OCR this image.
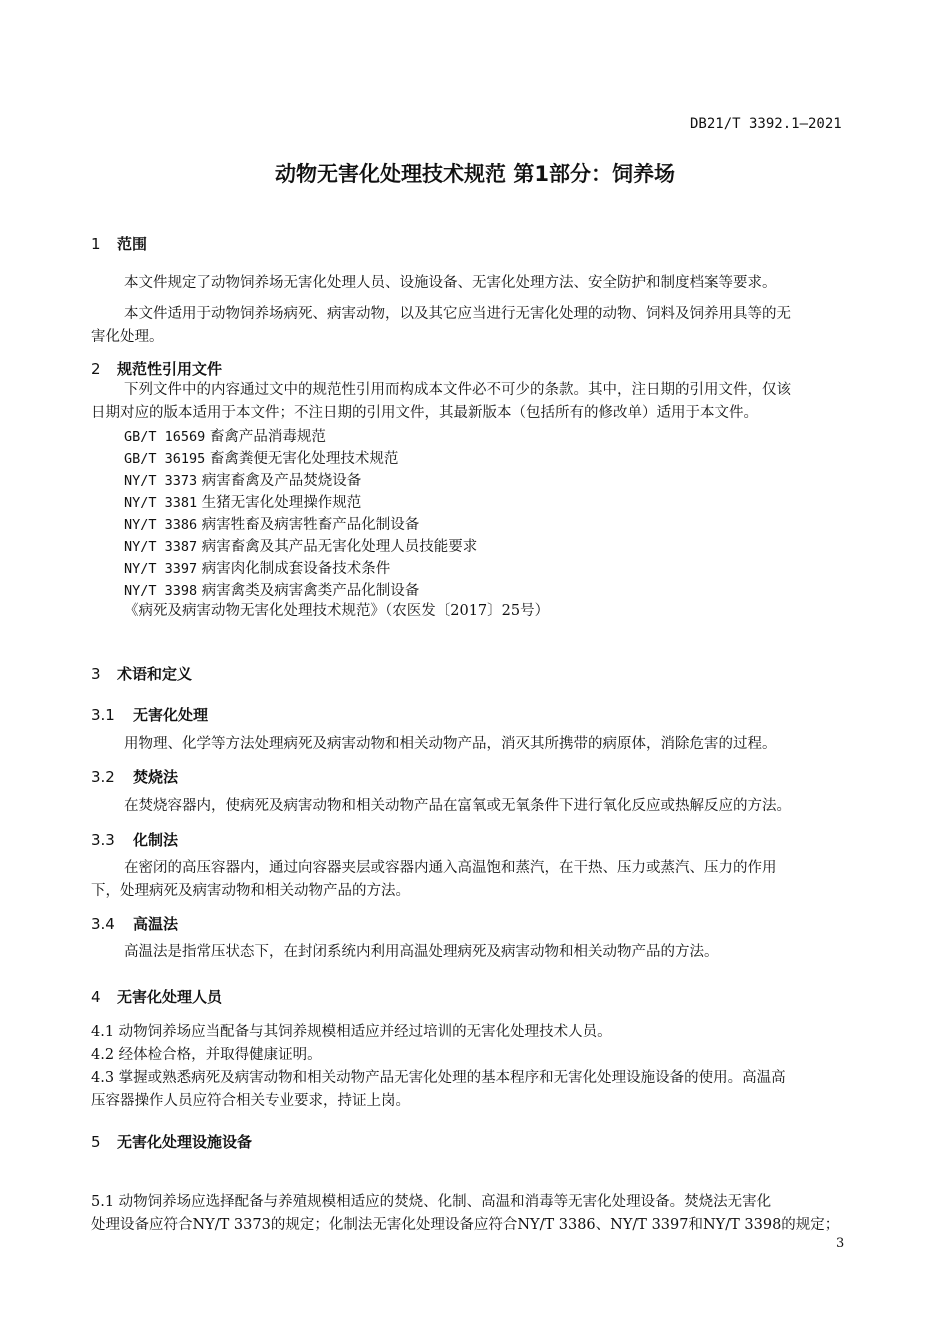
DB21/T 3392.1—2021
动物无害化处理技术规范 第1部分：饲养场
1 范围
本文件规定了动物饲养场无害化处理人员、设施设备、无害化处理方法、安全防护和制度档案等要求。
本文件适用于动物饲养场病死、病害动物，以及其它应当进行无害化处理的动物、饲料及饲养用具等的无
害化处理。
2 规范性引用文件
下列文件中的内容通过文中的规范性引用而构成本文件必不可少的条款。其中，注日期的引用文件，仅该
日期对应的版本适用于本文件；不注日期的引用文件，其最新版本（包括所有的修改单）适用于本文件。
GB/T 16569 畜禽产品消毒规范
GB/T 36195 畜禽粪便无害化处理技术规范
NY/T 3373 病害畜禽及产品焚烧设备
NY/T 3381 生猪无害化处理操作规范
NY/T 3386 病害牲畜及病害牲畜产品化制设备
NY/T 3387 病害畜禽及其产品无害化处理人员技能要求
NY/T 3397 病害肉化制成套设备技术条件
NY/T 3398 病害禽类及病害禽类产品化制设备
《病死及病害动物无害化处理技术规范》（农医发〔2017〕25号）
3 术语和定义
3.1 无害化处理
用物理、化学等方法处理病死及病害动物和相关动物产品，消灭其所携带的病原体，消除危害的过程。
3.2 焚烧法
在焚烧容器内，使病死及病害动物和相关动物产品在富氧或无氧条件下进行氧化反应或热解反应的方法。
3.3 化制法
在密闭的高压容器内，通过向容器夹层或容器内通入高温饱和蒸汽，在干热、压力或蒸汽、压力的作用
下，处理病死及病害动物和相关动物产品的方法。
3.4 高温法
高温法是指常压状态下，在封闭系统内利用高温处理病死及病害动物和相关动物产品的方法。
4 无害化处理人员
4.1 动物饲养场应当配备与其饲养规模相适应并经过培训的无害化处理技术人员。
4.2 经体检合格，并取得健康证明。
4.3 掌握或熟悉病死及病害动物和相关动物产品无害化处理的基本程序和无害化处理设施设备的使用。高温高
压容器操作人员应符合相关专业要求，持证上岗。
5 无害化处理设施设备
5.1 动物饲养场应选择配备与养殖规模相适应的焚烧、化制、高温和消毒等无害化处理设备。焚烧法无害化
处理设备应符合NY/T 3373的规定；化制法无害化处理设备应符合NY/T 3386、NY/T 3397和NY/T 3398的规定；
3
